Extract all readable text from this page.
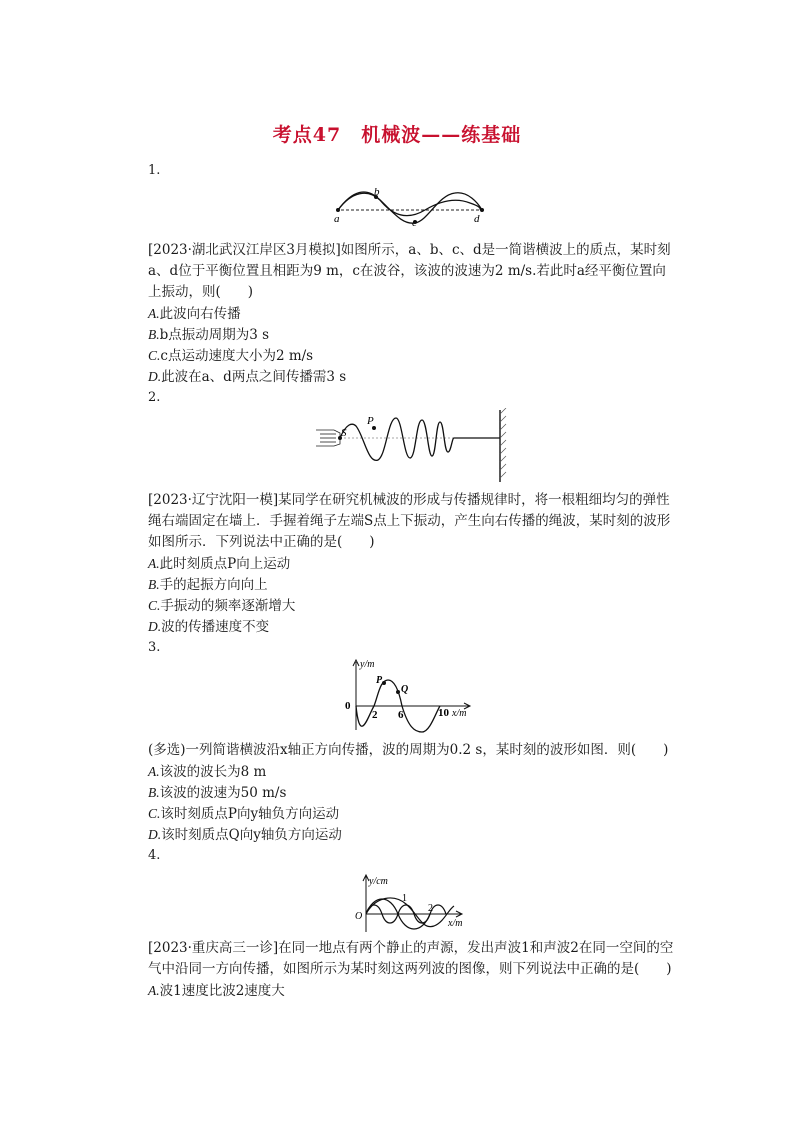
考点47　机械波——练基础
1.
a
b
c	d
[2023·湖北武汉江岸区3月模拟]如图所示，a、b、c、d是一简谐横波上的质点，某时刻a、d位于平衡位置且相距为9 m，c在波谷，该波的波速为2 m/s.若此时a经平衡位置向上振动，则(　　)
A.此波向右传播
B.b点振动周期为3 s
C.c点运动速度大小为2 m/s
D.此波在a、d两点之间传播需3 s
2.
S
P
[2023·辽宁沈阳一模]某同学在研究机械波的形成与传播规律时，将一根粗细均匀的弹性绳右端固定在墙上．手握着绳子左端S点上下振动，产生向右传播的绳波，某时刻的波形如图所示．下列说法中正确的是(　　)
A.此时刻质点P向上运动
B.手的起振方向向上
C.手振动的频率逐渐增大
D.波的传播速度不变
3.
y/m
x/m
0
2 6	10
P
Q
(多选)一列简谐横波沿x轴正方向传播，波的周期为0.2 s，某时刻的波形如图．则(　　)
A.该波的波长为8 m
B.该波的波速为50 m/s
C.该时刻质点P向y轴负方向运动
D.该时刻质点Q向y轴负方向运动
4.
y/cm
x/m
O
1
2
[2023·重庆高三一诊]在同一地点有两个静止的声源，发出声波1和声波2在同一空间的空气中沿同一方向传播，如图所示为某时刻这两列波的图像，则下列说法中正确的是(　　)
A.波1速度比波2速度大
